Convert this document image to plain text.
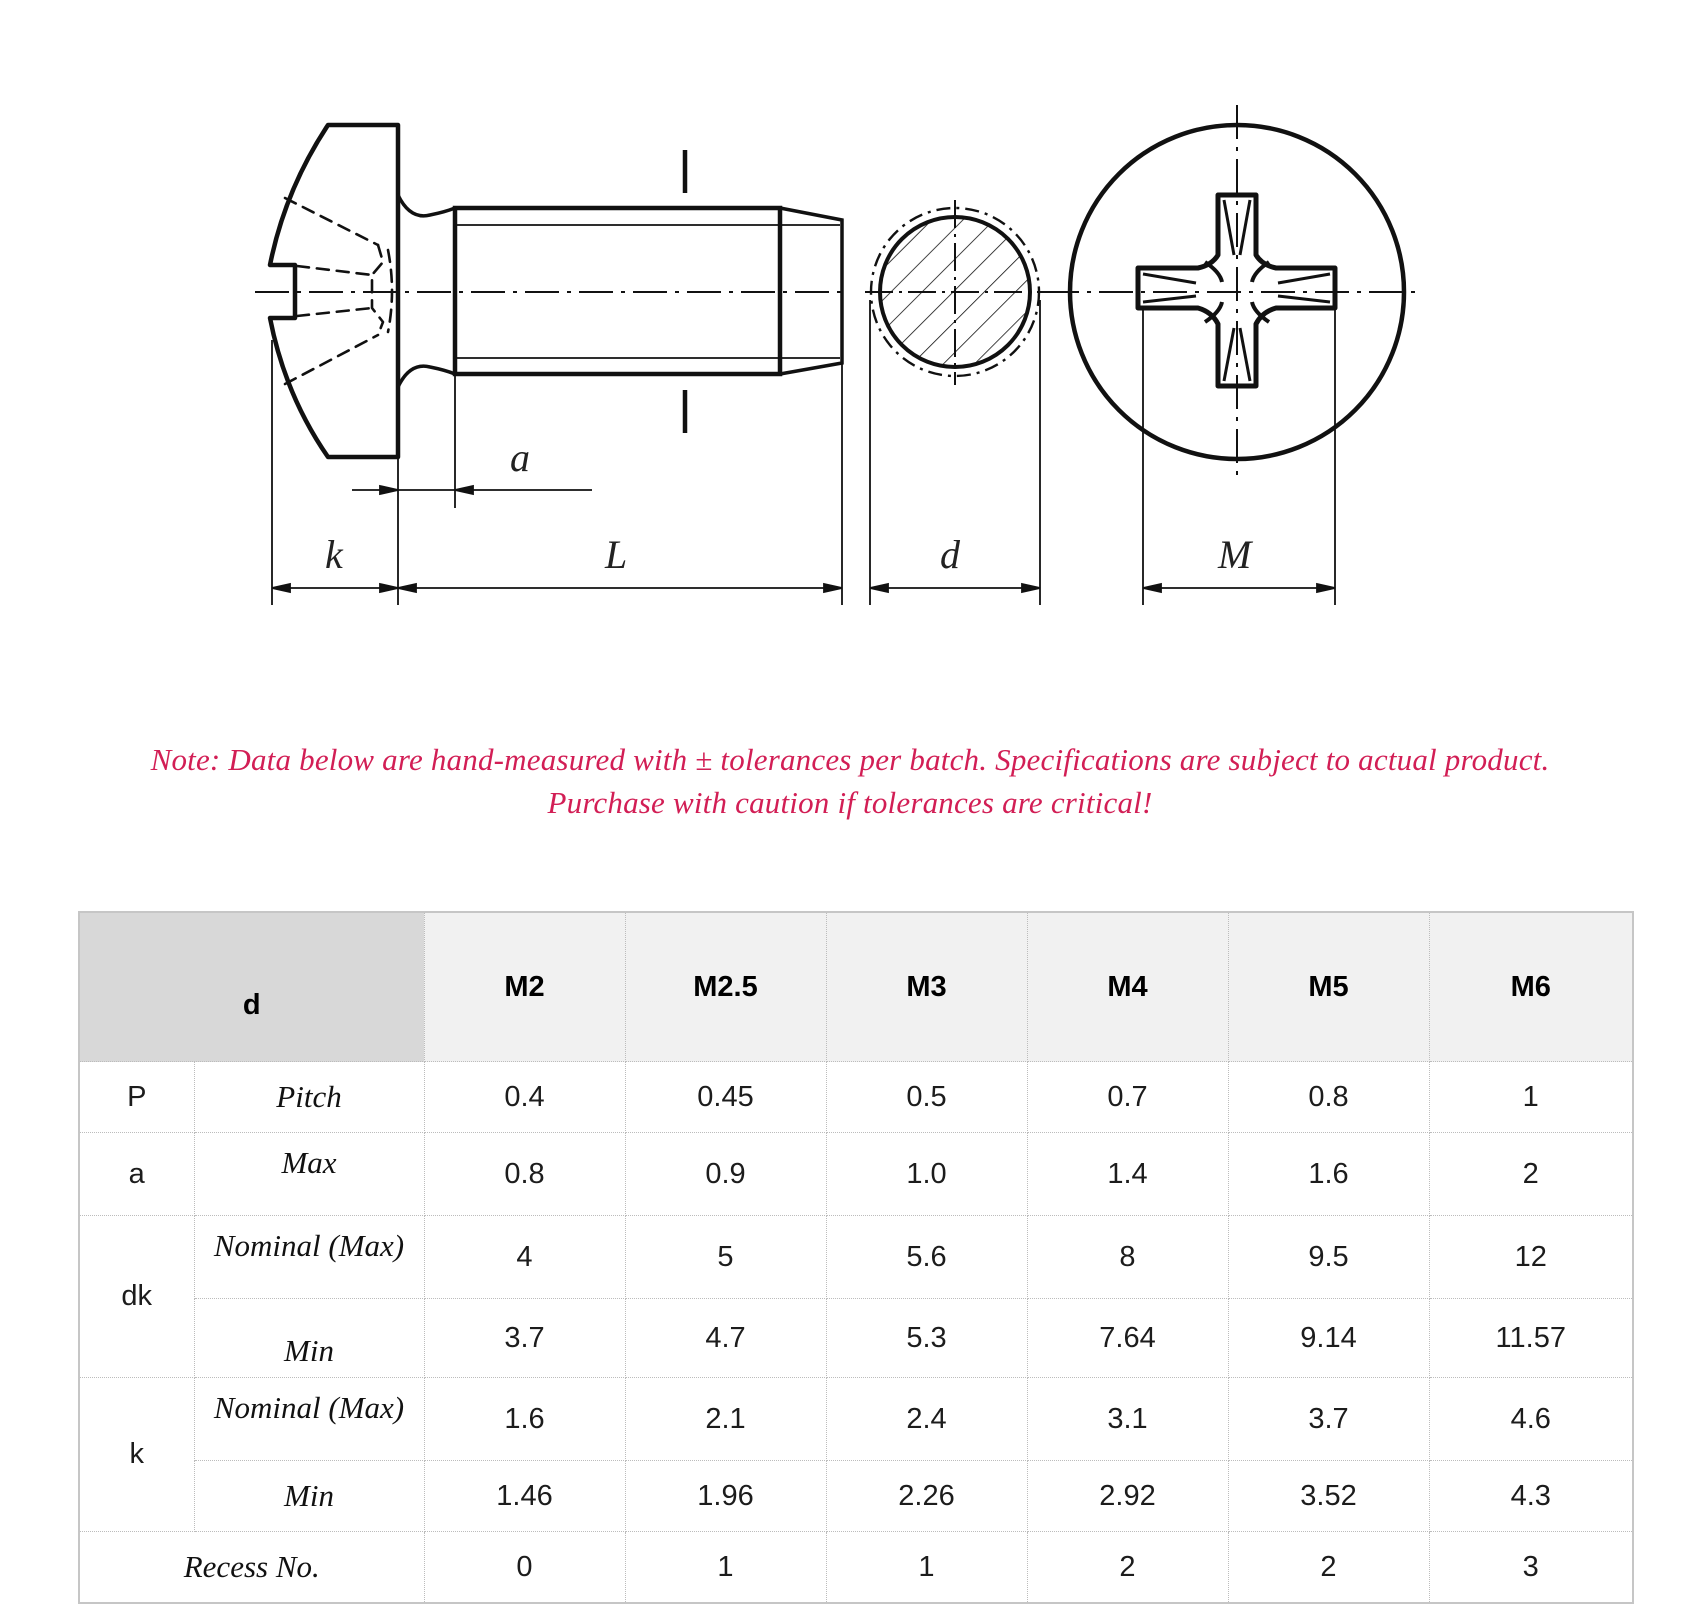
a
k	L	d	M
Note: Data below are hand-measured with ± tolerances per batch. Specifications are subject to actual product. Purchase with caution if tolerances are critical!
d		M2	M2.5	M3	M4	M5	M6
P	Pitch	0.4	0.45	0.5	0.7	0.8	1
a	Max	0.8	0.9	1.0	1.4	1.6	2
dk	Nominal (Max)	4	5	5.6	8	9.5	12
	Min	3.7	4.7	5.3	7.64	9.14	11.57
k	Nominal (Max)	1.6	2.1	2.4	3.1	3.7	4.6
	Min	1.46	1.96	2.26	2.92	3.52	4.3
Recess No.		0	1	1	2	2	3
